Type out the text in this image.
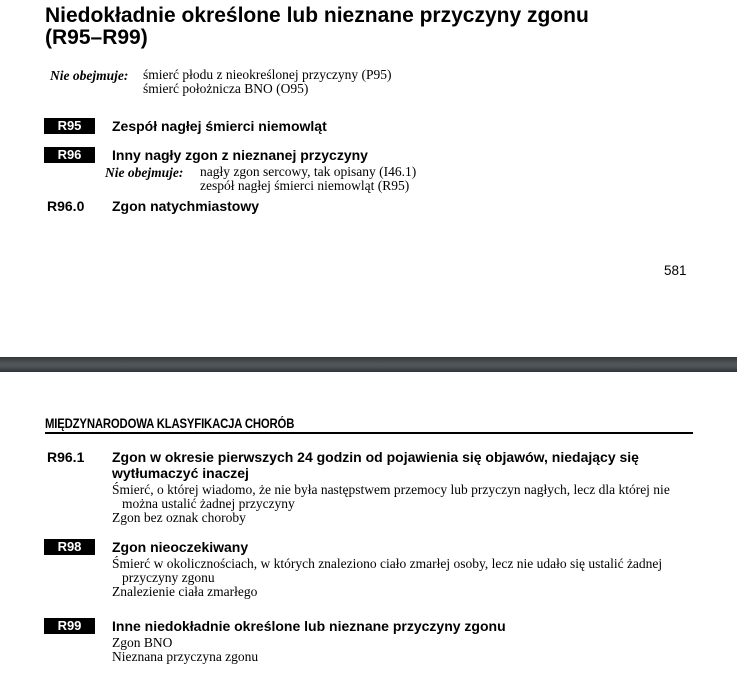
Niedokładnie określone lub nieznane przyczyny zgonu
(R95–R99)
Nie obejmuje: śmierć płodu z nieokreślonej przyczyny (P95)
śmierć położnicza BNO (O95)
R95	Zespół nagłej śmierci niemowląt
R96	Inny nagły zgon z nieznanej przyczyny
Nie obejmuje: nagły zgon sercowy, tak opisany (I46.1)
zespół nagłej śmierci niemowląt (R95)
R96.0 Zgon natychmiastowy
581
MIĘDZYNARODOWA KLASYFIKACJA CHORÓB
R96.1 Zgon w okresie pierwszych 24 godzin od pojawienia się objawów, niedający się
wytłumaczyć inaczej
Śmierć, o której wiadomo, że nie była następstwem przemocy lub przyczyn nagłych, lecz dla której nie
można ustalić żadnej przyczyny
Zgon bez oznak choroby
R98	Zgon nieoczekiwany
Śmierć w okolicznościach, w których znaleziono ciało zmarłej osoby, lecz nie udało się ustalić żadnej
przyczyny zgonu
Znalezienie ciała zmarłego
R99	Inne niedokładnie określone lub nieznane przyczyny zgonu
Zgon BNO
Nieznana przyczyna zgonu
